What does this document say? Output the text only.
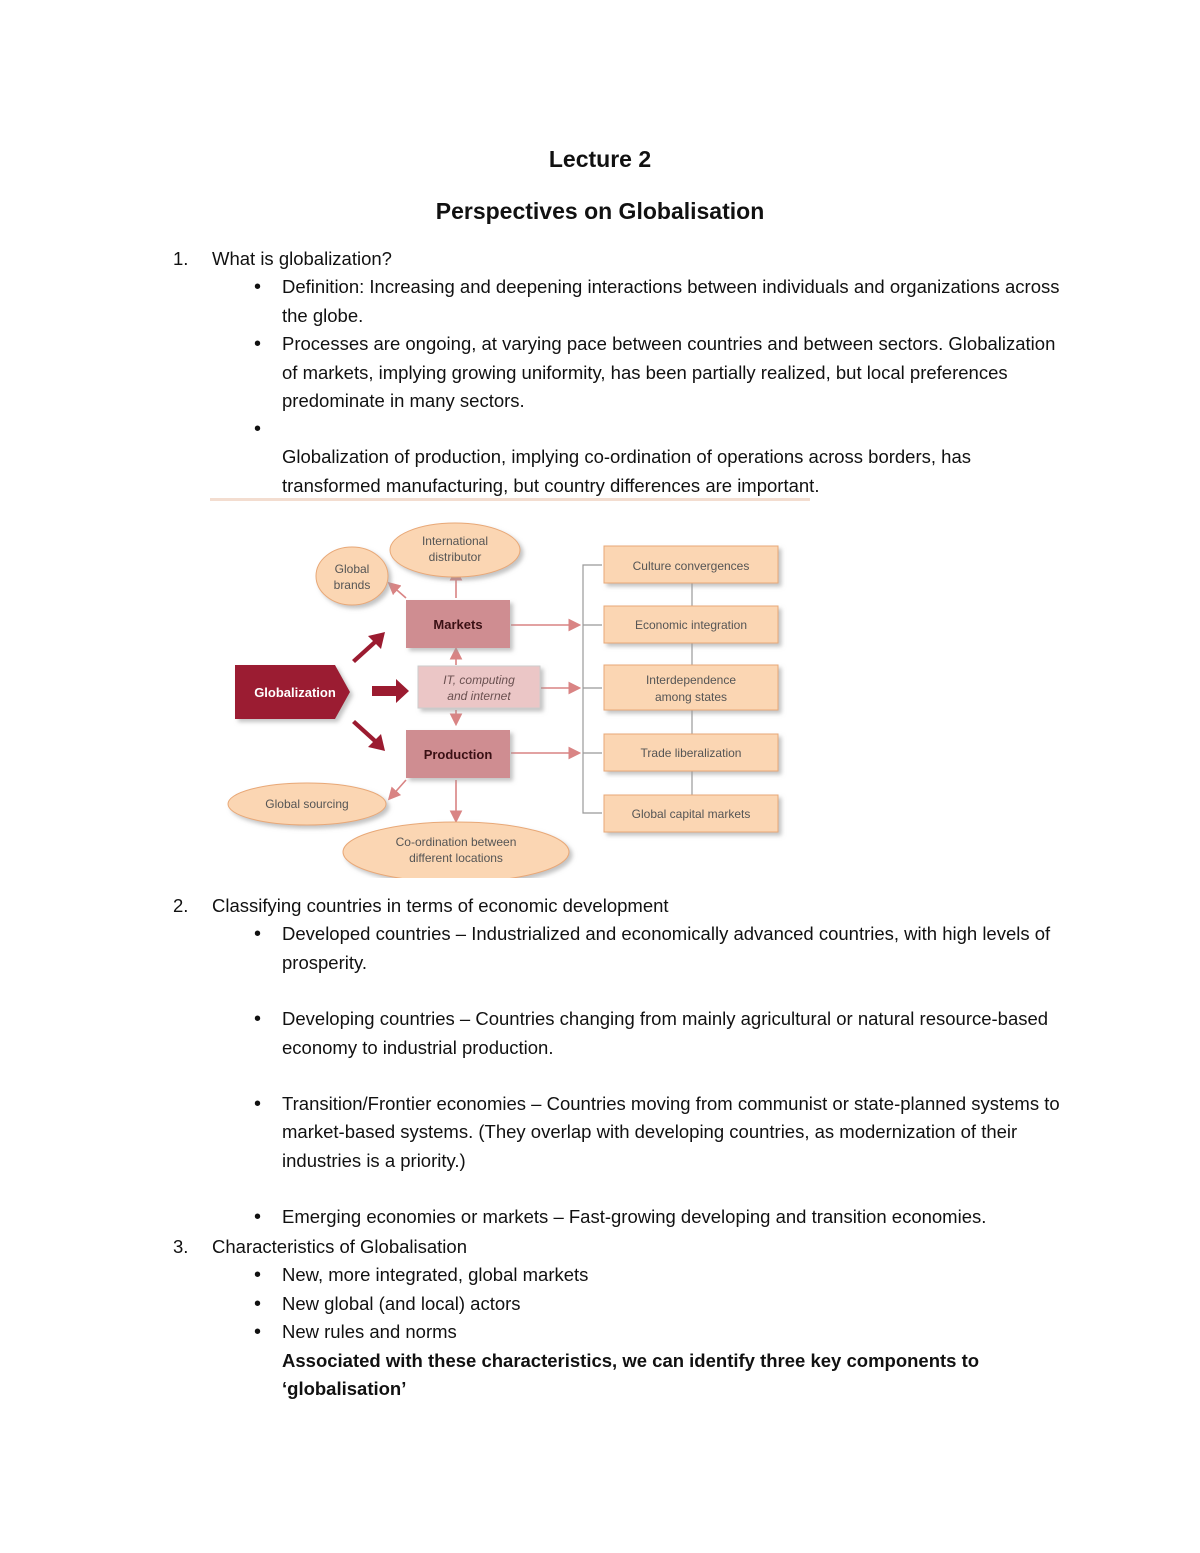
Lecture 2
Perspectives on Globalisation
1. What is globalization?
• Definition: Increasing and deepening interactions between individuals and organizations across the globe.
• Processes are ongoing, at varying pace between countries and between sectors. Globalization of markets, implying growing uniformity, has been partially realized, but local preferences predominate in many sectors.
• Globalization of production, implying co-ordination of operations across borders, has transformed manufacturing, but country differences are important.
Globalization
Markets
IT, computing
and internet
Production
International
distributor
Global
brands
Global sourcing
Co-ordination between
different locations
Culture convergences
Economic integration
Interdependence
among states
Trade liberalization
Global capital markets
2. Classifying countries in terms of economic development
• Developed countries – Industrialized and economically advanced countries, with high levels of prosperity.
• Developing countries – Countries changing from mainly agricultural or natural resource-based economy to industrial production.
• Transition/Frontier economies – Countries moving from communist or state-planned systems to market-based systems. (They overlap with developing countries, as modernization of their industries is a priority.)
• Emerging economies or markets – Fast-growing developing and transition economies.
3. Characteristics of Globalisation
• New, more integrated, global markets
• New global (and local) actors
• New rules and norms
Associated with these characteristics, we can identify three key components to ‘globalisation’
